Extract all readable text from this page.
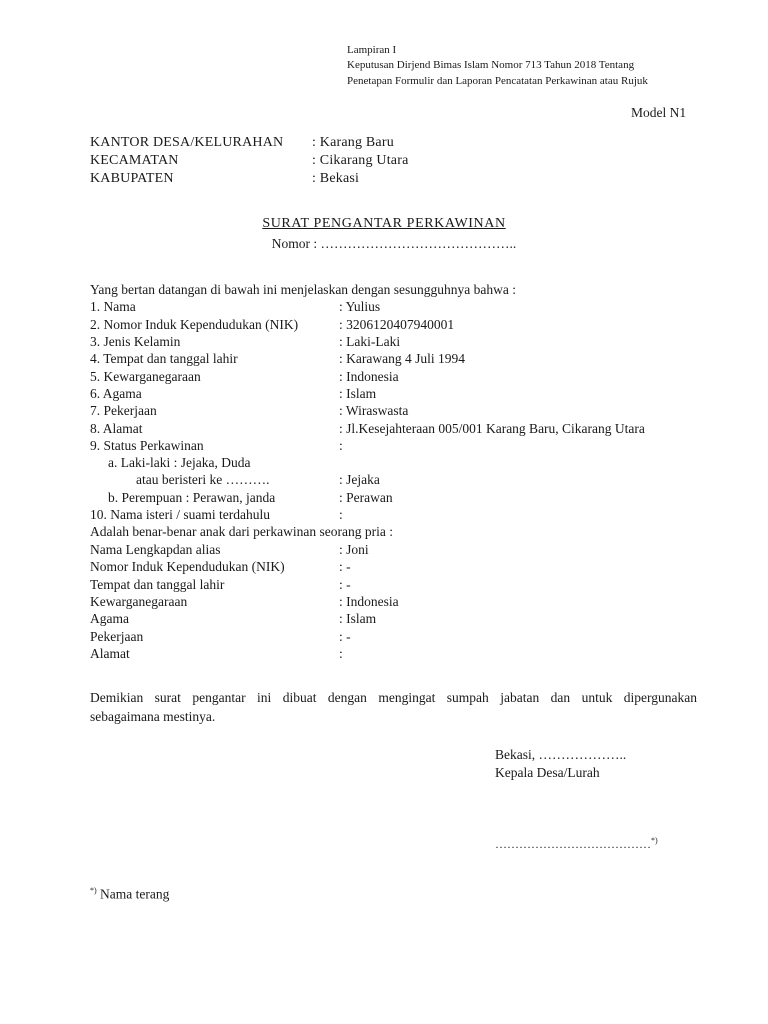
Lampiran I
Keputusan Dirjend Bimas Islam Nomor 713 Tahun 2018 Tentang
Penetapan Formulir dan Laporan Pencatatan Perkawinan atau Rujuk
Model N1
KANTOR DESA/KELURAHAN : Karang Baru
KECAMATAN	: Cikarang Utara
KABUPATEN	: Bekasi
SURAT PENGANTAR PERKAWINAN
Nomor : ……………………………………..
Yang bertan datangan di bawah ini menjelaskan dengan sesungguhnya bahwa :
1. Nama	: Yulius
2. Nomor Induk Kependudukan (NIK)	: 3206120407940001
3. Jenis Kelamin	: Laki-Laki
4. Tempat dan tanggal lahir	: Karawang 4 Juli 1994
5. Kewarganegaraan	: Indonesia
6. Agama	: Islam
7. Pekerjaan	: Wiraswasta
8. Alamat	: Jl.Kesejahteraan 005/001 Karang Baru, Cikarang Utara
9. Status Perkawinan	:
a. Laki-laki : Jejaka, Duda
atau beristeri ke ……….	: Jejaka
b. Perempuan : Perawan, janda	: Perawan
10. Nama isteri / suami terdahulu	:
Adalah benar-benar anak dari perkawinan seorang pria :
Nama Lengkapdan alias	: Joni
Nomor Induk Kependudukan (NIK)	: -
Tempat dan tanggal lahir	: -
Kewarganegaraan	: Indonesia
Agama	: Islam
Pekerjaan	: -
Alamat	:
Demikian surat pengantar ini dibuat dengan mengingat sumpah jabatan dan untuk dipergunakan
sebagaimana mestinya.
Bekasi, ………………..
Kepala Desa/Lurah
…………………………………*)
*) Nama terang
